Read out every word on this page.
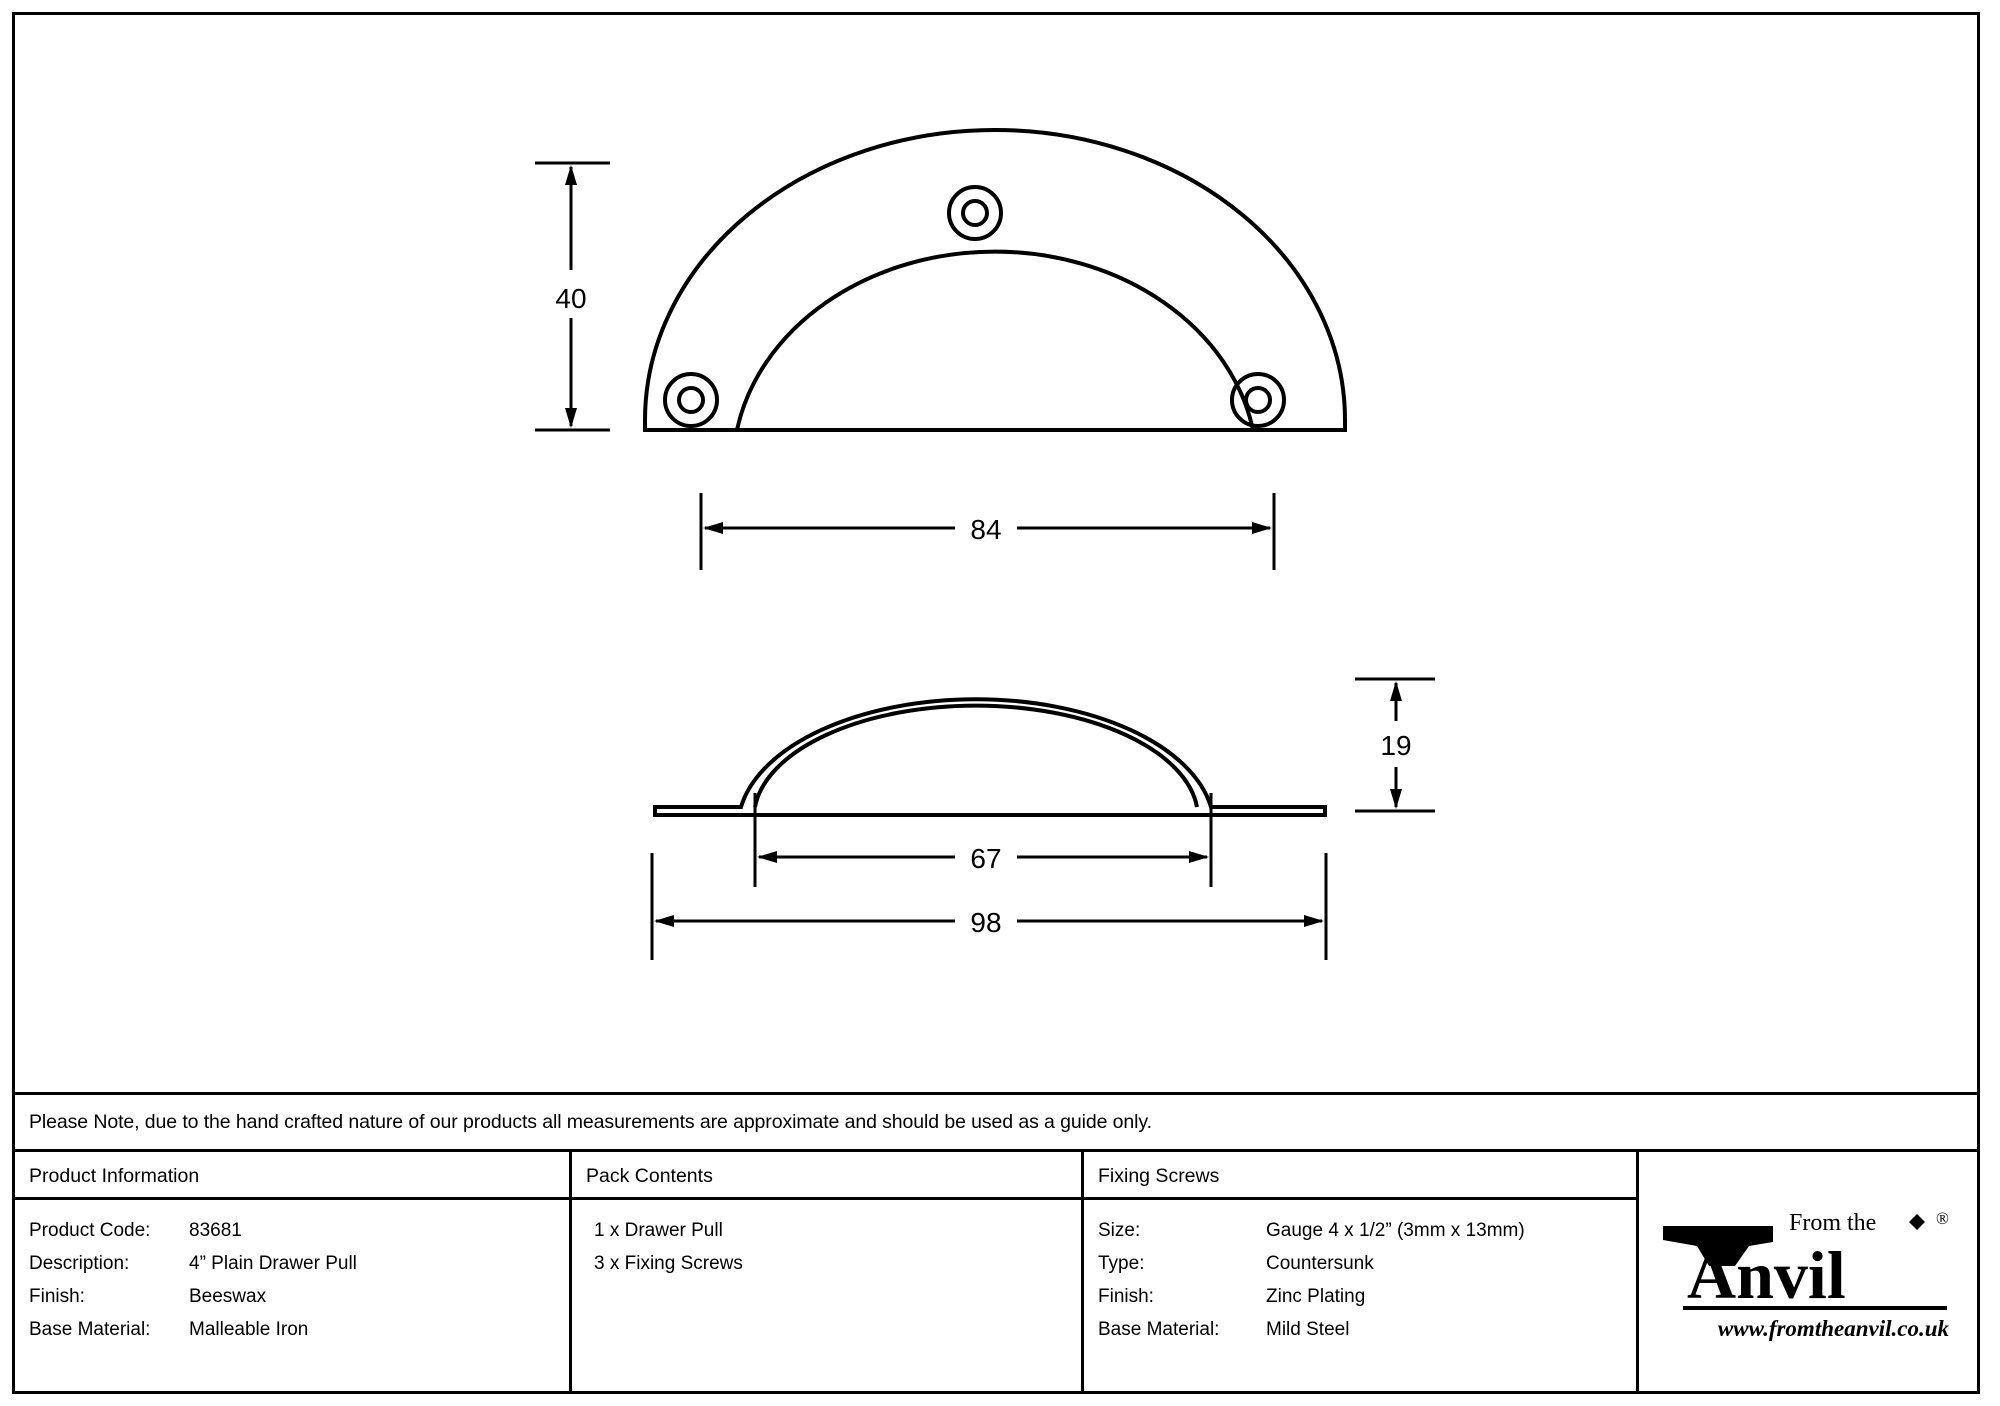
40
84
19
67
98
Please Note, due to the hand crafted nature of our products all measurements are approximate and should be used as a guide only.
Product Information
Product Code:	83681
Description:	4” Plain Drawer Pull
Finish:	Beeswax
Base Material:	Malleable Iron
Pack Contents
1 x Drawer Pull
3 x Fixing Screws
Fixing Screws
Size:	Gauge 4 x 1/2” (3mm x 13mm)
Type:	Countersunk
Finish:	Zinc Plating
Base Material:	Mild Steel
From the	®
Anvil
www.fromtheanvil.co.uk
